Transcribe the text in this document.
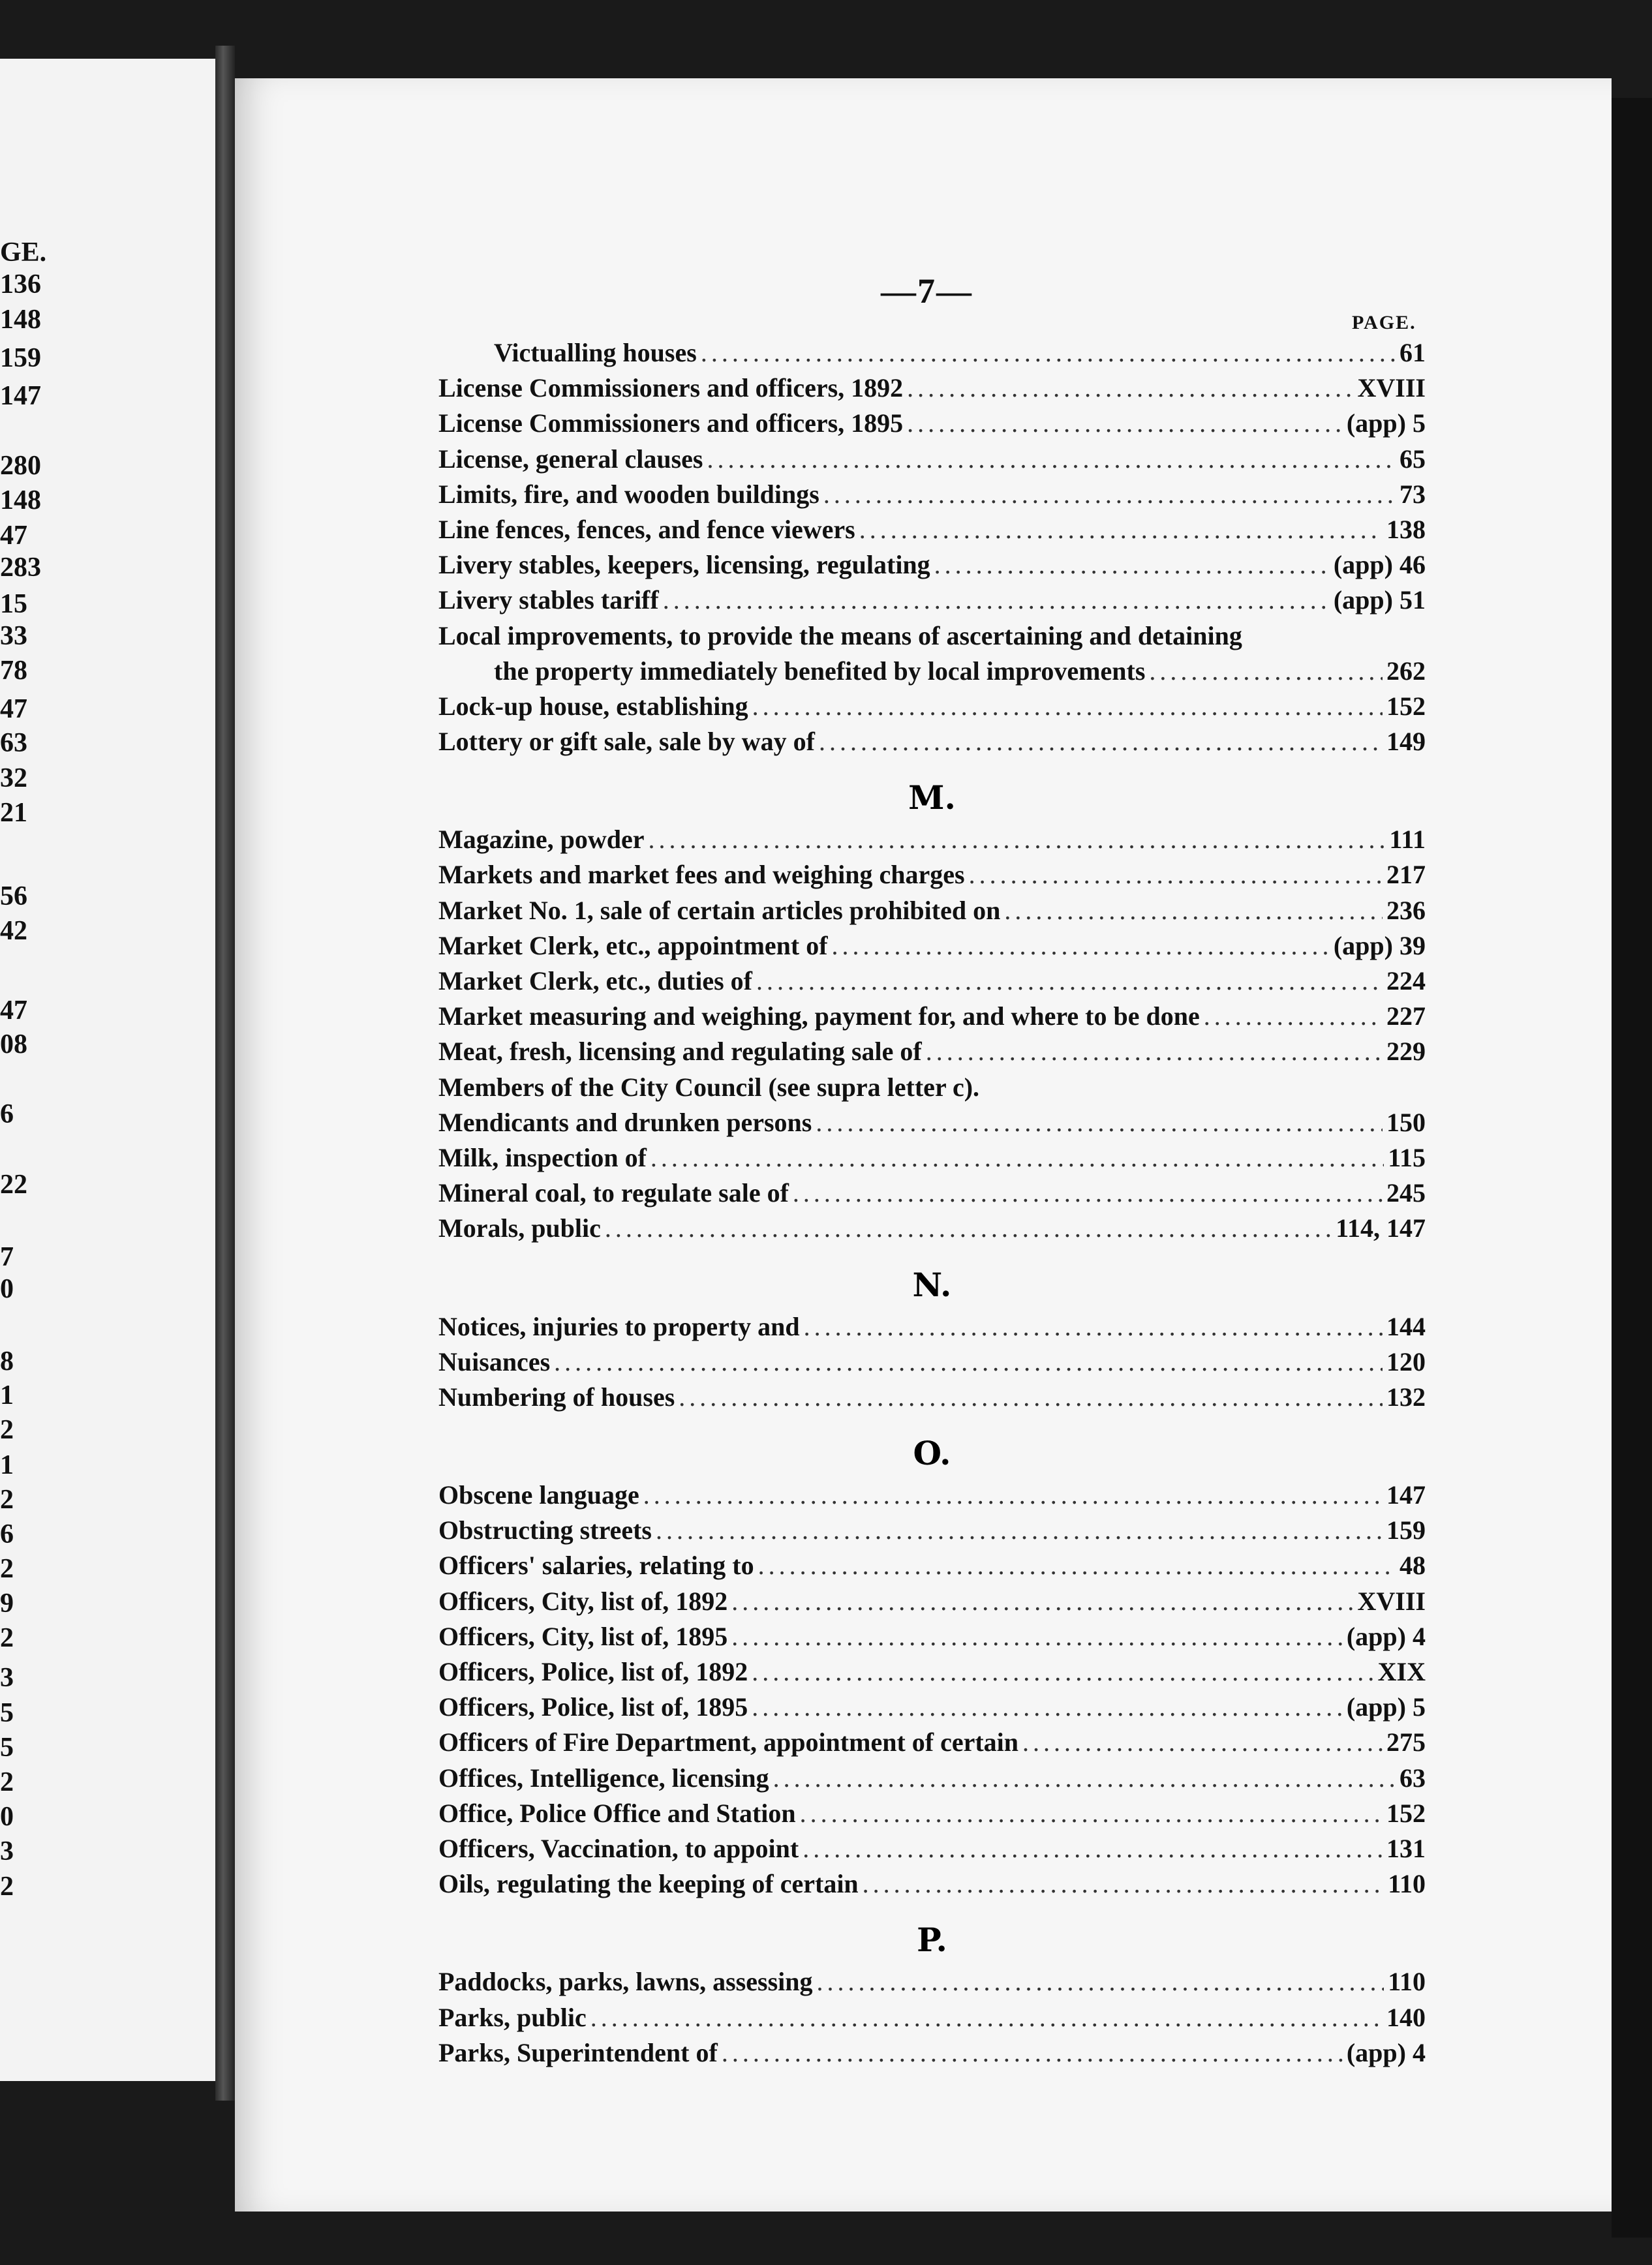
GE.
136
148
159
147
280
148
47
283
15
33
78
47
63
32
21
56
42
47
08
6
22
7
0
8
1
2
1
2
6
2
9
2
3
5
5
2
0
3
2
—7—
PAGE.
Victualling houses .....	61
License Commissioners and officers, 1892 .....	XVIII
License Commissioners and officers, 1895 .....	(app) 5
License, general clauses .....	65
Limits, fire, and wooden buildings .....	73
Line fences, fences, and fence viewers .....	138
Livery stables, keepers, licensing, regulating .....	(app) 46
Livery stables tariff .....	(app) 51
Local improvements, to provide the means of ascertaining and detaining
the property immediately benefited by local improvements .....	262
Lock-up house, establishing .....	152
Lottery or gift sale, sale by way of .....	149
M.
Magazine, powder .....	111
Markets and market fees and weighing charges .....	217
Market No. 1, sale of certain articles prohibited on .....	236
Market Clerk, etc., appointment of .....	(app) 39
Market Clerk, etc., duties of .....	224
Market measuring and weighing, payment for, and where to be done .....	227
Meat, fresh, licensing and regulating sale of .....	229
Members of the City Council (see supra letter c).
Mendicants and drunken persons .....	150
Milk, inspection of .....	115
Mineral coal, to regulate sale of .....	245
Morals, public .....	114, 147
N.
Notices, injuries to property and .....	144
Nuisances .....	120
Numbering of houses .....	132
O.
Obscene language .....	147
Obstructing streets .....	159
Officers' salaries, relating to .....	48
Officers, City, list of, 1892 .....	XVIII
Officers, City, list of, 1895 .....	(app) 4
Officers, Police, list of, 1892 .....	XIX
Officers, Police, list of, 1895 .....	(app) 5
Officers of Fire Department, appointment of certain .....	275
Offices, Intelligence, licensing .....	63
Office, Police Office and Station .....	152
Officers, Vaccination, to appoint .....	131
Oils, regulating the keeping of certain .....	110
P.
Paddocks, parks, lawns, assessing .....	110
Parks, public .....	140
Parks, Superintendent of .....	(app) 4
